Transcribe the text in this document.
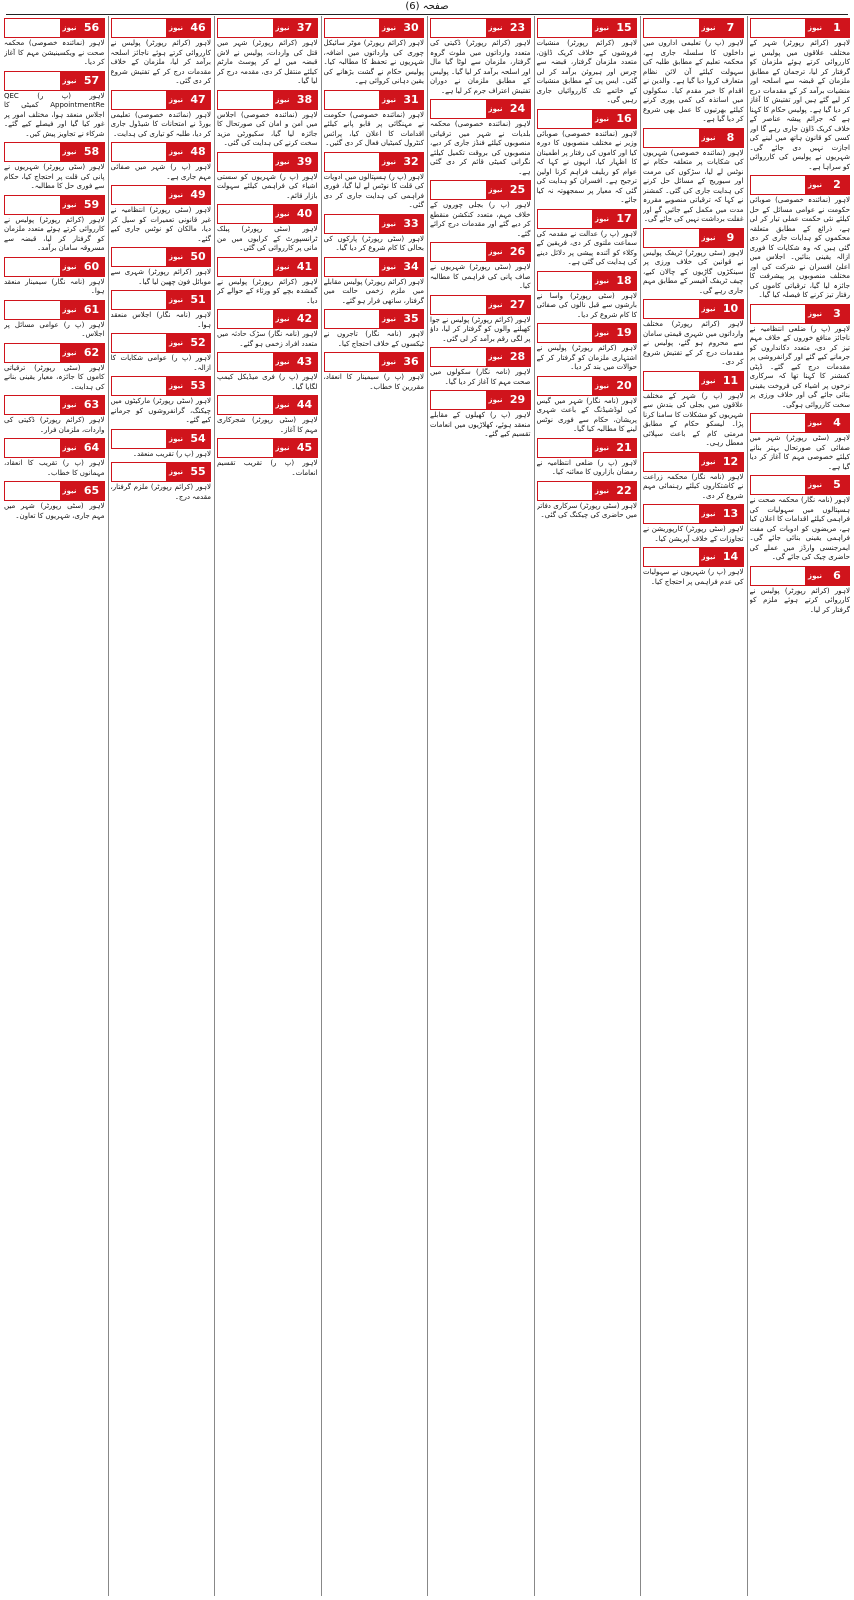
صفحہ (6)
نیوز	1

لاہور (کرائم رپورٹر) شہر کے مختلف علاقوں میں پولیس نے کارروائی کرتے ہوئے ملزمان کو گرفتار کر لیا، ترجمان کے مطابق ملزمان کے قبضہ سے اسلحہ اور منشیات برآمد کر کے مقدمات درج کر لیے گئے ہیں اور تفتیش کا آغاز کر دیا گیا ہے۔ پولیس حکام کا کہنا ہے کہ جرائم پیشہ عناصر کے خلاف کریک ڈاؤن جاری رہے گا اور کسی کو قانون ہاتھ میں لینے کی اجازت نہیں دی جائے گی۔ شہریوں نے پولیس کی کارروائی کو سراہا ہے۔

نیوز	2

لاہور (نمائندہ خصوصی) صوبائی حکومت نے عوامی مسائل کے حل کیلئے نئی حکمت عملی تیار کر لی ہے، ذرائع کے مطابق متعلقہ محکموں کو ہدایات جاری کر دی گئی ہیں کہ وہ شکایات کا فوری ازالہ یقینی بنائیں۔ اجلاس میں اعلیٰ افسران نے شرکت کی اور مختلف منصوبوں پر پیشرفت کا جائزہ لیا گیا، ترقیاتی کاموں کی رفتار تیز کرنے کا فیصلہ کیا گیا۔

نیوز	3

لاہور (پ ر) ضلعی انتظامیہ نے ناجائز منافع خوروں کے خلاف مہم تیز کر دی، متعدد دکانداروں کو جرمانے کیے گئے اور گرانفروشی پر مقدمات درج کیے گئے۔ ڈپٹی کمشنر کا کہنا تھا کہ سرکاری نرخوں پر اشیاء کی فروخت یقینی بنائی جائے گی اور خلاف ورزی پر سخت کارروائی ہوگی۔

نیوز	4

لاہور (سٹی رپورٹر) شہر میں صفائی کی صورتحال بہتر بنانے کیلئے خصوصی مہم کا آغاز کر دیا گیا ہے۔

نیوز	5

لاہور (نامہ نگار) محکمہ صحت نے ہسپتالوں میں سہولیات کی فراہمی کیلئے اقدامات کا اعلان کیا ہے، مریضوں کو ادویات کی مفت فراہمی یقینی بنائی جائے گی۔ ایمرجنسی وارڈز میں عملے کی حاضری چیک کی جائے گی۔

نیوز	6

لاہور (کرائم رپورٹر) پولیس نے کارروائی کرتے ہوئے ملزم کو گرفتار کر لیا۔

نیوز	7

لاہور (پ ر) تعلیمی اداروں میں داخلوں کا سلسلہ جاری ہے، محکمہ تعلیم کے مطابق طلبہ کی سہولت کیلئے آن لائن نظام متعارف کروا دیا گیا ہے۔ والدین نے اقدام کا خیر مقدم کیا۔ سکولوں میں اساتذہ کی کمی پوری کرنے کیلئے بھرتیوں کا عمل بھی شروع کر دیا گیا ہے۔

نیوز	8

لاہور (نمائندہ خصوصی) شہریوں کی شکایات پر متعلقہ حکام نے نوٹس لے لیا، سڑکوں کی مرمت اور سیوریج کے مسائل حل کرنے کی ہدایت جاری کی گئی۔ کمشنر نے کہا کہ ترقیاتی منصوبے مقررہ مدت میں مکمل کیے جائیں گے اور غفلت برداشت نہیں کی جائے گی۔

نیوز	9

لاہور (سٹی رپورٹر) ٹریفک پولیس نے قوانین کی خلاف ورزی پر سینکڑوں گاڑیوں کے چالان کیے، چیف ٹریفک آفیسر کے مطابق مہم جاری رہے گی۔

نیوز 10

لاہور (کرائم رپورٹر) مختلف وارداتوں میں شہری قیمتی سامان سے محروم ہو گئے، پولیس نے مقدمات درج کر کے تفتیش شروع کر دی۔

نیوز 11

لاہور (پ ر) شہر کے مختلف علاقوں میں بجلی کی بندش سے شہریوں کو مشکلات کا سامنا کرنا پڑا۔ لیسکو حکام کے مطابق مرمتی کام کے باعث سپلائی معطل رہی۔

نیوز 12

لاہور (نامہ نگار) محکمہ زراعت نے کاشتکاروں کیلئے رہنمائی مہم شروع کر دی۔

نیوز 13

لاہور (سٹی رپورٹر) کارپوریشن نے تجاوزات کے خلاف آپریشن کیا۔

نیوز 14

لاہور (پ ر) شہریوں نے سہولیات کی عدم فراہمی پر احتجاج کیا۔

نیوز 15

لاہور (کرائم رپورٹر) منشیات فروشوں کے خلاف کریک ڈاؤن، متعدد ملزمان گرفتار، قبضہ سے چرس اور ہیروئن برآمد کر لی گئی۔ ایس پی کے مطابق منشیات کے خاتمے تک کارروائیاں جاری رہیں گی۔

نیوز 16

لاہور (نمائندہ خصوصی) صوبائی وزیر نے مختلف منصوبوں کا دورہ کیا اور کاموں کی رفتار پر اطمینان کا اظہار کیا، انہوں نے کہا کہ عوام کو ریلیف فراہم کرنا اولین ترجیح ہے۔ افسران کو ہدایت کی گئی کہ معیار پر سمجھوتہ نہ کیا جائے۔

نیوز 17

لاہور (پ ر) عدالت نے مقدمہ کی سماعت ملتوی کر دی، فریقین کے وکلاء کو آئندہ پیشی پر دلائل دینے کی ہدایت کی گئی ہے۔

نیوز 18

لاہور (سٹی رپورٹر) واسا نے بارشوں سے قبل نالوں کی صفائی کا کام شروع کر دیا۔

نیوز 19

لاہور (کرائم رپورٹر) پولیس نے اشتہاری ملزمان کو گرفتار کر کے حوالات میں بند کر دیا۔

نیوز 20

لاہور (نامہ نگار) شہر میں گیس کی لوڈشیڈنگ کے باعث شہری پریشان، حکام سے فوری نوٹس لینے کا مطالبہ کیا گیا۔

نیوز 21

لاہور (پ ر) ضلعی انتظامیہ نے رمضان بازاروں کا معائنہ کیا۔

نیوز 22

لاہور (سٹی رپورٹر) سرکاری دفاتر میں حاضری کی چیکنگ کی گئی۔

نیوز 23

لاہور (کرائم رپورٹر) ڈکیتی کی متعدد وارداتوں میں ملوث گروہ گرفتار، ملزمان سے لوٹا گیا مال اور اسلحہ برآمد کر لیا گیا۔ پولیس کے مطابق ملزمان نے دوران تفتیش اعتراف جرم کر لیا ہے۔

نیوز 24

لاہور (نمائندہ خصوصی) محکمہ بلدیات نے شہر میں ترقیاتی منصوبوں کیلئے فنڈز جاری کر دیے، منصوبوں کی بروقت تکمیل کیلئے نگرانی کمیٹی قائم کر دی گئی ہے۔

نیوز 25

لاہور (پ ر) بجلی چوروں کے خلاف مہم، متعدد کنکشن منقطع کر دیے گئے اور مقدمات درج کرائے گئے۔

نیوز 26

لاہور (سٹی رپورٹر) شہریوں نے صاف پانی کی فراہمی کا مطالبہ کیا۔

نیوز 27

لاہور (کرائم رپورٹر) پولیس نے جوا کھیلنے والوں کو گرفتار کر لیا، داؤ پر لگی رقم برآمد کر لی گئی۔

نیوز 28

لاہور (نامہ نگار) سکولوں میں صحت مہم کا آغاز کر دیا گیا۔

نیوز 29

لاہور (پ ر) کھیلوں کے مقابلے منعقد ہوئے، کھلاڑیوں میں انعامات تقسیم کیے گئے۔

نیوز 30

لاہور (کرائم رپورٹر) موٹر سائیکل چوری کی وارداتوں میں اضافہ، شہریوں نے تحفظ کا مطالبہ کیا۔ پولیس حکام نے گشت بڑھانے کی یقین دہانی کروائی ہے۔

نیوز 31

لاہور (نمائندہ خصوصی) حکومت نے مہنگائی پر قابو پانے کیلئے اقدامات کا اعلان کیا، پرائس کنٹرول کمیٹیاں فعال کر دی گئیں۔

نیوز 32

لاہور (پ ر) ہسپتالوں میں ادویات کی قلت کا نوٹس لے لیا گیا، فوری فراہمی کی ہدایت جاری کر دی گئی۔

نیوز 33

لاہور (سٹی رپورٹر) پارکوں کی بحالی کا کام شروع کر دیا گیا۔

نیوز 34

لاہور (کرائم رپورٹر) پولیس مقابلے میں ملزم زخمی حالت میں گرفتار، ساتھی فرار ہو گئے۔

نیوز 35

لاہور (نامہ نگار) تاجروں نے ٹیکسوں کے خلاف احتجاج کیا۔

نیوز 36

لاہور (پ ر) سیمینار کا انعقاد، مقررین کا خطاب۔

نیوز 37

لاہور (کرائم رپورٹر) شہر میں قتل کی واردات، پولیس نے لاش قبضہ میں لے کر پوسٹ مارٹم کیلئے منتقل کر دی، مقدمہ درج کر لیا گیا۔

نیوز 38

لاہور (نمائندہ خصوصی) اجلاس میں امن و امان کی صورتحال کا جائزہ لیا گیا، سکیورٹی مزید سخت کرنے کی ہدایت کی گئی۔

نیوز 39

لاہور (پ ر) شہریوں کو سستی اشیاء کی فراہمی کیلئے سہولت بازار قائم۔

نیوز 40

لاہور (سٹی رپورٹر) پبلک ٹرانسپورٹ کے کرایوں میں من مانی پر کارروائی کی گئی۔

نیوز 41

لاہور (کرائم رپورٹر) پولیس نے گمشدہ بچے کو ورثاء کے حوالے کر دیا۔

نیوز 42

لاہور (نامہ نگار) سڑک حادثہ میں متعدد افراد زخمی ہو گئے۔

نیوز 43

لاہور (پ ر) فری میڈیکل کیمپ لگایا گیا۔

نیوز 44

لاہور (سٹی رپورٹر) شجرکاری مہم کا آغاز۔

نیوز 45

لاہور (پ ر) تقریب تقسیم انعامات۔

نیوز 46

لاہور (کرائم رپورٹر) پولیس نے کارروائی کرتے ہوئے ناجائز اسلحہ برآمد کر لیا، ملزمان کے خلاف مقدمات درج کر کے تفتیش شروع کر دی گئی۔

نیوز 47

لاہور (نمائندہ خصوصی) تعلیمی بورڈ نے امتحانات کا شیڈول جاری کر دیا، طلبہ کو تیاری کی ہدایت۔

نیوز 48

لاہور (پ ر) شہر میں صفائی مہم جاری ہے۔

نیوز 49

لاہور (سٹی رپورٹر) انتظامیہ نے غیر قانونی تعمیرات کو سیل کر دیا، مالکان کو نوٹس جاری کیے گئے۔

نیوز 50

لاہور (کرائم رپورٹر) شہری سے موبائل فون چھین لیا گیا۔

نیوز 51

لاہور (نامہ نگار) اجلاس منعقد ہوا۔

نیوز 52

لاہور (پ ر) عوامی شکایات کا ازالہ۔

نیوز 53

لاہور (سٹی رپورٹر) مارکیٹوں میں چیکنگ، گرانفروشوں کو جرمانے کیے گئے۔

نیوز 54

لاہور (پ ر) تقریب منعقد۔

نیوز 55

لاہور (کرائم رپورٹر) ملزم گرفتار، مقدمہ درج۔

نیوز 56

لاہور (نمائندہ خصوصی) محکمہ صحت نے ویکسینیشن مہم کا آغاز کر دیا۔

نیوز 57

لاہور (پ ر) QEC AppointmentRe کمیٹی کا اجلاس منعقد ہوا، مختلف امور پر غور کیا گیا اور فیصلے کیے گئے۔ شرکاء نے تجاویز پیش کیں۔

نیوز 58

لاہور (سٹی رپورٹر) شہریوں نے پانی کی قلت پر احتجاج کیا، حکام سے فوری حل کا مطالبہ۔

نیوز 59

لاہور (کرائم رپورٹر) پولیس نے کارروائی کرتے ہوئے متعدد ملزمان کو گرفتار کر لیا، قبضہ سے مسروقہ سامان برآمد۔

نیوز 60

لاہور (نامہ نگار) سیمینار منعقد ہوا۔

نیوز 61

لاہور (پ ر) عوامی مسائل پر اجلاس۔

نیوز 62

لاہور (سٹی رپورٹر) ترقیاتی کاموں کا جائزہ، معیار یقینی بنانے کی ہدایت۔

نیوز 63

لاہور (کرائم رپورٹر) ڈکیتی کی واردات، ملزمان فرار۔

نیوز 64

لاہور (پ ر) تقریب کا انعقاد، مہمانوں کا خطاب۔

نیوز 65

لاہور (سٹی رپورٹر) شہر میں مہم جاری، شہریوں کا تعاون۔
